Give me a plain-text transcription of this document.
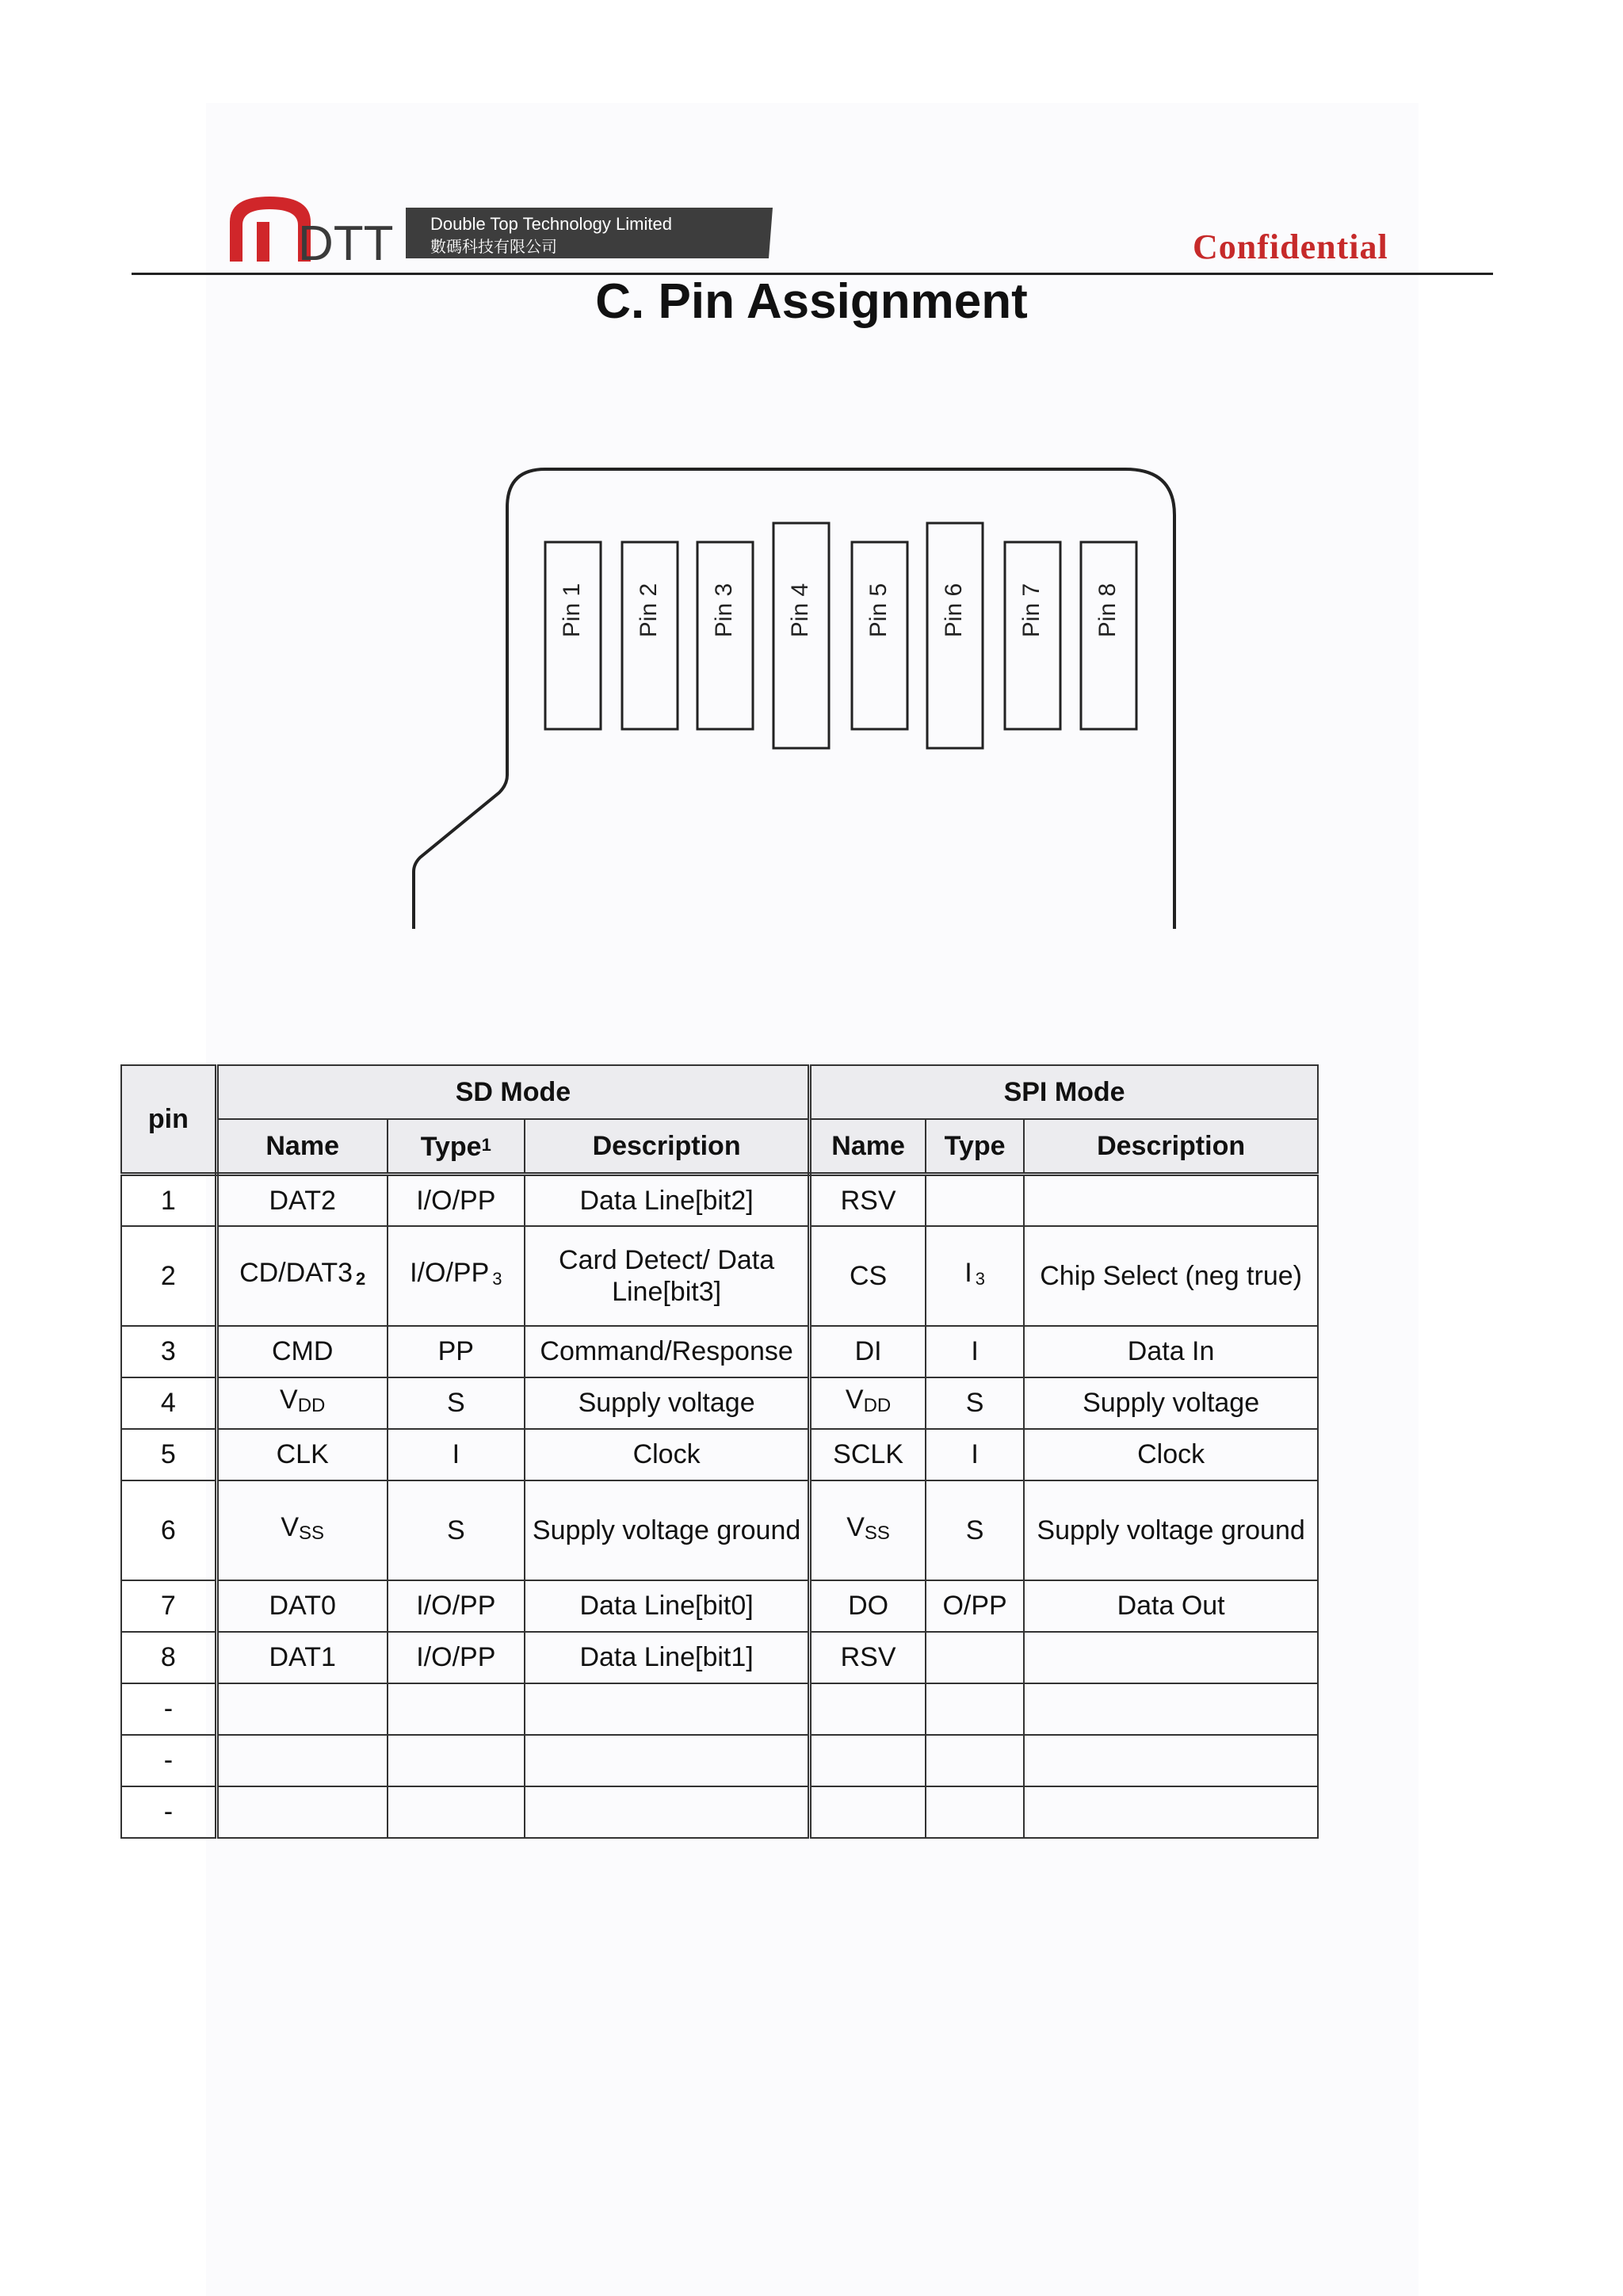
DTT Double Top Technology Limited
數碼科技有限公司	Confidential
C. Pin Assignment
Pin 1 Pin 2 Pin 3 Pin 4 Pin 5 Pin 6 Pin 7 Pin 8
pin	SD Mode			SPI Mode		
	Name	Type$^1$	Description	Name	Type	Description
1	DAT2	I/O/PP	Data Line[bit2]	RSV		
2	CD/DAT3 2	I/O/PP 3	Card Detect/ Data Line[bit3]	CS	I 3	Chip Select (neg true)
3	CMD	PP	Command/Response	DI	I	Data In
4	VDD	S	Supply voltage	VDD	S	Supply voltage
5	CLK	I	Clock	SCLK	I	Clock
6	VSS	S	Supply voltage ground	VSS	S	Supply voltage ground
7	DAT0	I/O/PP	Data Line[bit0]	DO	O/PP	Data Out
8	DAT1	I/O/PP	Data Line[bit1]	RSV		
-						
-						
-						
